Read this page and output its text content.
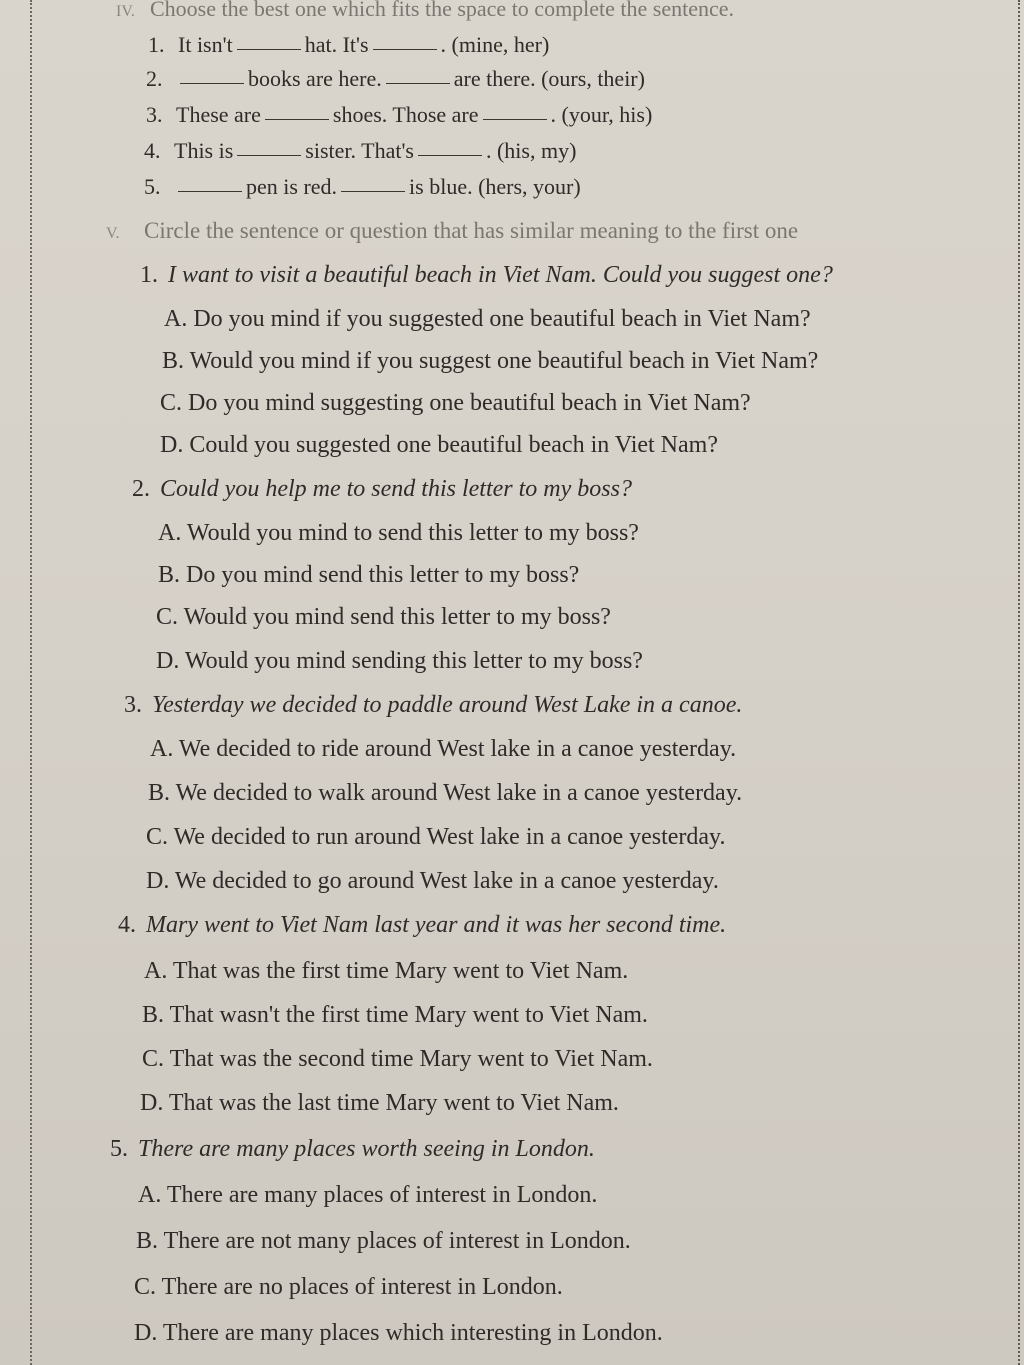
IV. Choose the best one which fits the space to complete the sentence.
1. It isn't	hat. It's	. (mine, her)
2.	books are here.	are there. (ours, their)
3. These are	shoes. Those are	. (your, his)
4. This is	sister. That's	. (his, my)
5.	pen is red.	is blue. (hers, your)
V. Circle the sentence or question that has similar meaning to the first one
1. I want to visit a beautiful beach in Viet Nam. Could you suggest one?
A. Do you mind if you suggested one beautiful beach in Viet Nam?
B. Would you mind if you suggest one beautiful beach in Viet Nam?
C. Do you mind suggesting one beautiful beach in Viet Nam?
D. Could you suggested one beautiful beach in Viet Nam?
2. Could you help me to send this letter to my boss?
A. Would you mind to send this letter to my boss?
B. Do you mind send this letter to my boss?
C. Would you mind send this letter to my boss?
D. Would you mind sending this letter to my boss?
3. Yesterday we decided to paddle around West Lake in a canoe.
A. We decided to ride around West lake in a canoe yesterday.
B. We decided to walk around West lake in a canoe yesterday.
C. We decided to run around West lake in a canoe yesterday.
D. We decided to go around West lake in a canoe yesterday.
4. Mary went to Viet Nam last year and it was her second time.
A. That was the first time Mary went to Viet Nam.
B. That wasn't the first time Mary went to Viet Nam.
C. That was the second time Mary went to Viet Nam.
D. That was the last time Mary went to Viet Nam.
5. There are many places worth seeing in London.
A. There are many places of interest in London.
B. There are not many places of interest in London.
C. There are no places of interest in London.
D. There are many places which interesting in London.
